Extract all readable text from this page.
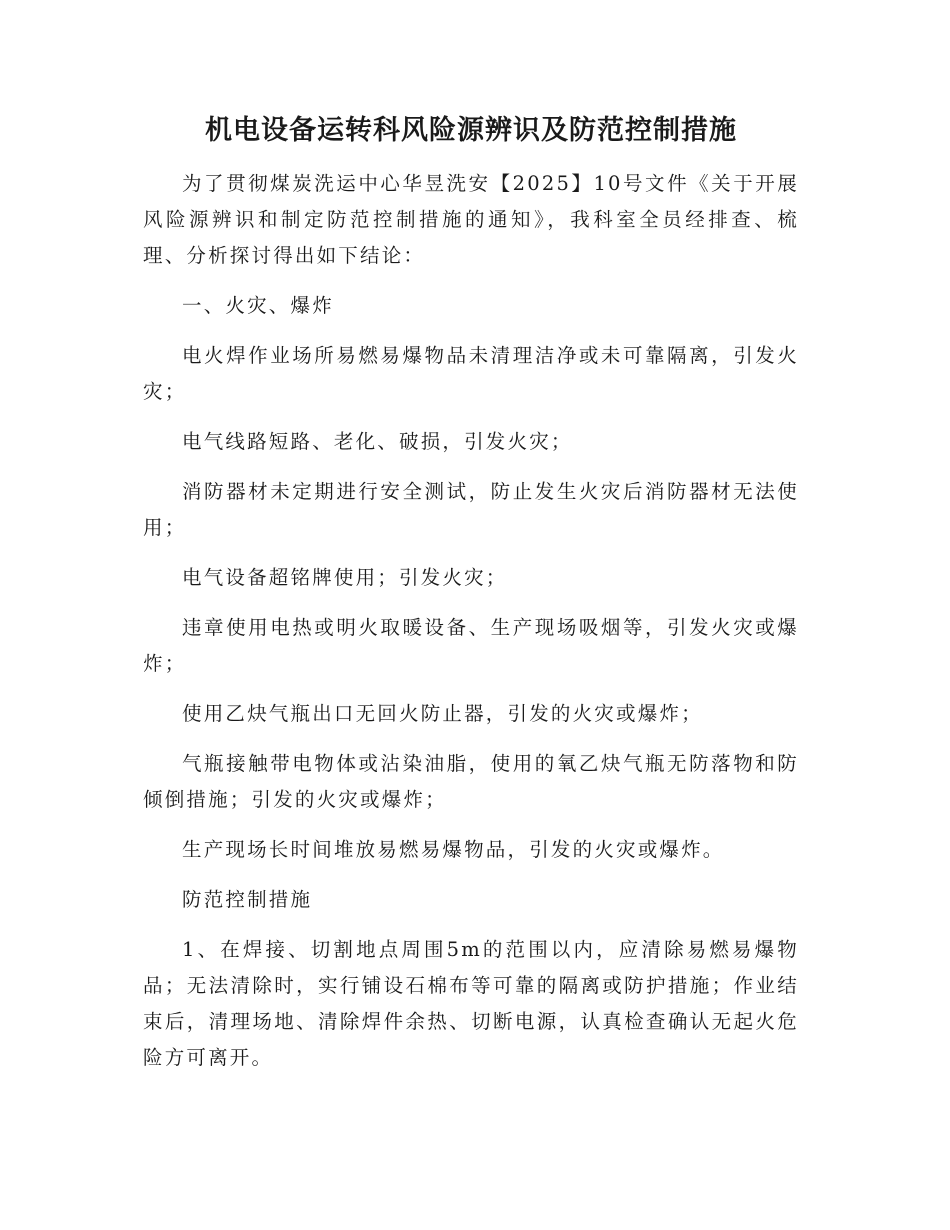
机电设备运转科风险源辨识及防范控制措施

为了贯彻煤炭洗运中心华昱洗安【2025】10号文件《关于开展风险源辨识和制定防范控制措施的通知》，我科室全员经排查、梳理、分析探讨得出如下结论：

一、火灾、爆炸

电火焊作业场所易燃易爆物品未清理洁净或未可靠隔离，引发火灾；

电气线路短路、老化、破损，引发火灾；

消防器材未定期进行安全测试，防止发生火灾后消防器材无法使用；

电气设备超铭牌使用；引发火灾；

违章使用电热或明火取暖设备、生产现场吸烟等，引发火灾或爆炸；

使用乙炔气瓶出口无回火防止器，引发的火灾或爆炸；

气瓶接触带电物体或沾染油脂，使用的氧乙炔气瓶无防落物和防倾倒措施；引发的火灾或爆炸；

生产现场长时间堆放易燃易爆物品，引发的火灾或爆炸。

防范控制措施

1、在焊接、切割地点周围5m的范围以内，应清除易燃易爆物品；无法清除时，实行铺设石棉布等可靠的隔离或防护措施；作业结束后，清理场地、清除焊件余热、切断电源，认真检查确认无起火危险方可离开。
